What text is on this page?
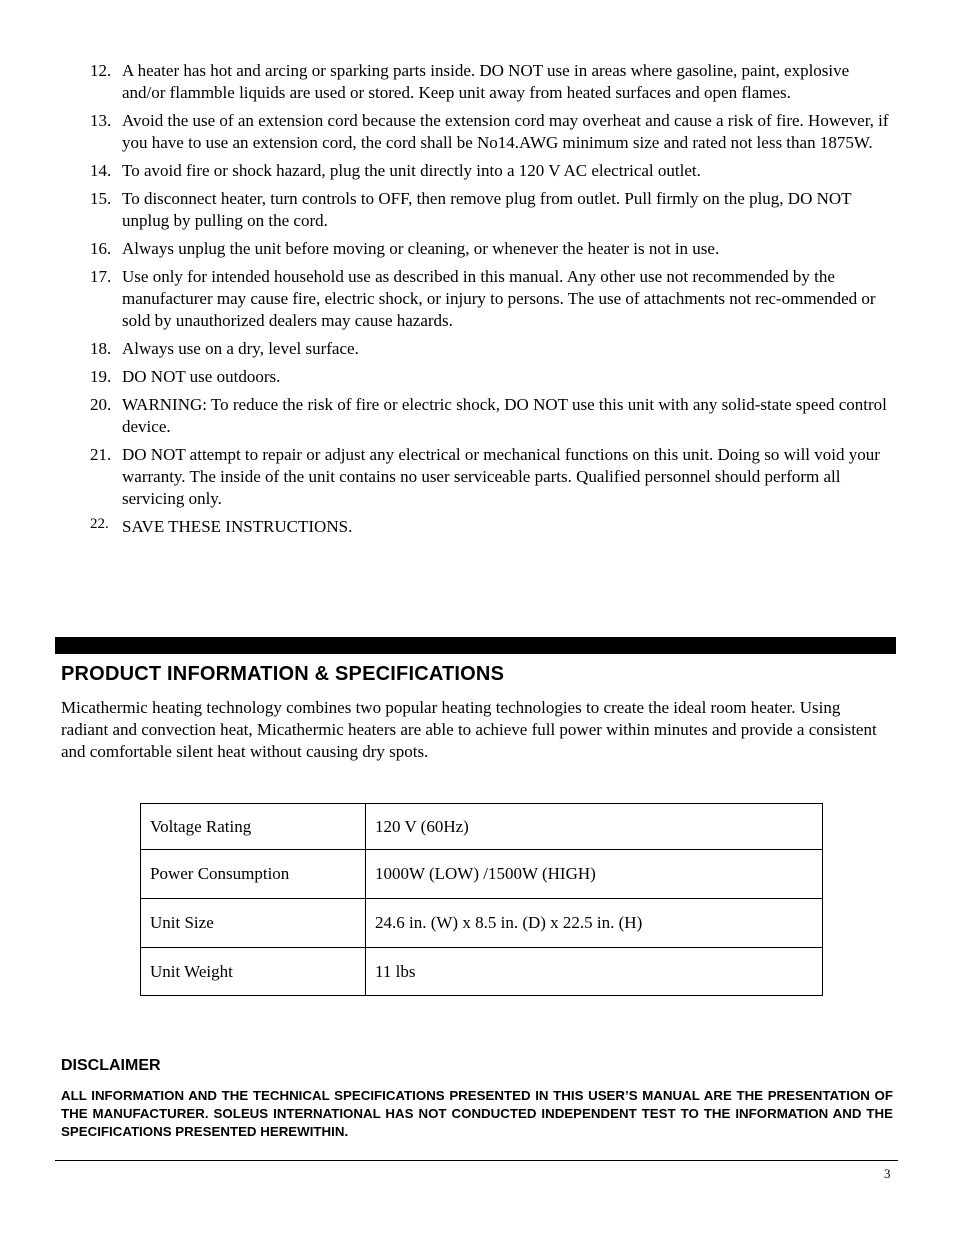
12. A heater has hot and arcing or sparking parts inside. DO NOT use in areas where gasoline, paint, explosive and/or flammble liquids are used or stored. Keep unit away from heated surfaces and open flames.
13. Avoid the use of an extension cord because the extension cord may overheat and cause a risk of fire. However, if you have to use an extension cord, the cord shall be No14.AWG minimum size and rated not less than 1875W.
14. To avoid fire or shock hazard, plug the unit directly into a 120 V AC electrical outlet.
15. To disconnect heater, turn controls to OFF, then remove plug from outlet. Pull firmly on the plug, DO NOT unplug by pulling on the cord.
16. Always unplug the unit before moving or cleaning, or whenever the heater is not in use.
17. Use only for intended household use as described in this manual. Any other use not recommended by the manufacturer may cause fire, electric shock, or injury to persons. The use of attachments not rec-ommended or sold by unauthorized dealers may cause hazards.
18. Always use on a dry, level surface.
19. DO NOT use outdoors.
20. WARNING: To reduce the risk of fire or electric shock, DO NOT use this unit with any solid-state speed control device.
21. DO NOT attempt to repair or adjust any electrical or mechanical functions on this unit. Doing so will void your warranty. The inside of the unit contains no user serviceable parts. Qualified personnel should perform all servicing only.
22. SAVE THESE INSTRUCTIONS.
PRODUCT INFORMATION & SPECIFICATIONS
Micathermic heating technology combines two popular heating technologies to create the ideal room heater. Using radiant and convection heat, Micathermic heaters are able to achieve full power within minutes and provide a consistent and comfortable silent heat without causing dry spots.
Voltage Rating	120 V (60Hz)
Power Consumption	1000W (LOW) /1500W (HIGH)
Unit Size	24.6 in. (W) x 8.5 in. (D) x 22.5 in. (H)
Unit Weight	11 lbs
DISCLAIMER
ALL INFORMATION AND THE TECHNICAL SPECIFICATIONS PRESENTED IN THIS USER’S MANUAL ARE THE PRESENTATION OF THE MANUFACTURER. SOLEUS INTERNATIONAL HAS NOT CONDUCTED INDEPENDENT TEST TO THE INFORMATION AND THE SPECIFICATIONS PRESENTED HEREWITHIN.
3
